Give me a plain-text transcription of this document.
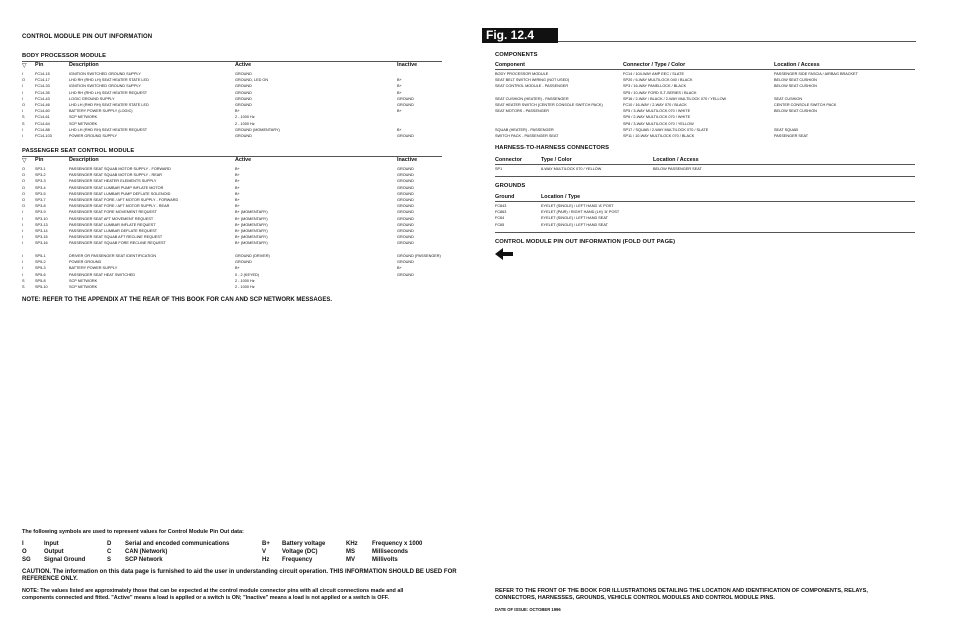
CONTROL MODULE PIN OUT INFORMATION
BODY PROCESSOR MODULE
▽ Pin	Description	Active	Inactive
I	FC14-15	IGNITION SWITCHED GROUND SUPPLY	GROUND
O	FC14-17	LHD RH (RHD LH) SEAT HEATER STATE LED	GROUND, LED ON	B+
I	FC14-33	IGNITION SWITCHED GROUND SUPPLY	GROUND	B+
I	FC14-35	LHD RH (RHD LH) SEAT HEATER REQUEST	GROUND	B+
I	FC14-43	LOGIC GROUND SUPPLY	GROUND	GROUND
O	FC14-46	LHD LH (RHD RH) SEAT HEATER STATE LED	GROUND	GROUND
I	FC14-60	BATTERY POWER SUPPLY (LOGIC)	B+	B+
S	FC14-61	SCP NETWORK	2 - 1000 Hz
S	FC14-64	SCP NETWORK	2 - 1000 Hz
I	FC14-88	LHD LH (RHD RH) SEAT HEATER REQUEST	GROUND (MOMENTARY)	B+
I	FC14-103	POWER GROUND SUPPLY	GROUND	GROUND
PASSENGER SEAT CONTROL MODULE
▽ Pin	Description	Active	Inactive
O	SP3-1	PASSENGER SEAT SQUAB MOTOR SUPPLY - FORWARD	B+	GROUND
O	SP3-2	PASSENGER SEAT SQUAB MOTOR SUPPLY - REAR	B+	GROUND
O	SP3-3	PASSENGER SEAT HEATER ELEMENTS SUPPLY	B+	GROUND
O	SP3-4	PASSENGER SEAT LUMBAR PUMP INFLATE MOTOR	B+	GROUND
O	SP3-5	PASSENGER SEAT LUMBAR PUMP DEFLATE SOLENOID	B+	GROUND
O	SP3-7	PASSENGER SEAT FORE / AFT MOTOR SUPPLY - FORWARD	B+	GROUND
O	SP3-8	PASSENGER SEAT FORE / AFT MOTOR SUPPLY - REAR	B+	GROUND
I	SP3-9	PASSENGER SEAT FORE MOVEMENT REQUEST	B+ (MOMENTARY)	GROUND
I	SP3-10	PASSENGER SEAT AFT MOVEMENT REQUEST	B+ (MOMENTARY)	GROUND
I	SP3-13	PASSENGER SEAT LUMBAR INFLATE REQUEST	B+ (MOMENTARY)	GROUND
I	SP3-14	PASSENGER SEAT LUMBAR DEFLATE REQUEST	B+ (MOMENTARY)	GROUND
I	SP3-15	PASSENGER SEAT SQUAB AFT RECLINE REQUEST	B+ (MOMENTARY)	GROUND
I	SP3-16	PASSENGER SEAT SQUAB FORE RECLINE REQUEST	B+ (MOMENTARY)	GROUND
I	SP5-1	DRIVER OR PASSENGER SEAT IDENTIFICATION	GROUND (DRIVER)	GROUND (PASSENGER)
I	SP5-2	POWER GROUND	GROUND	GROUND
I	SP5-3	BATTERY POWER SUPPLY	B+	B+
I	SP5-6	PASSENGER SEAT HEAT SWITCHED	0 - 2 (KEYED)	GROUND
S	SP5-8	SCP NETWORK	2 - 1000 Hz
S	SP5-10	SCP NETWORK	2 - 1000 Hz
NOTE: REFER TO THE APPENDIX AT THE REAR OF THIS BOOK FOR CAN AND SCP NETWORK MESSAGES.
The following symbols are used to represent values for Control Module Pin Out data:
I	Input	D Serial and encoded communications	B+ Battery voltage	KHz Frequency x 1000
O	Output	C CAN (Network)	V	Voltage (DC)	MS	Milliseconds
SG Signal Ground	S SCP Network	Hz Frequency	MV	Millivolts
CAUTION. The information on this data page is furnished to aid the user in understanding circuit operation. THIS INFORMATION SHOULD BE USED FOR
REFERENCE ONLY.
NOTE: The values listed are approximately those that can be expected at the control module connector pins with all circuit connections made and all
components connected and fitted. "Active" means a load is applied or a switch is ON; "Inactive" means a load is not applied or a switch is OFF.
Fig. 12.4
COMPONENTS
Component	Connector / Type / Color	Location / Access
BODY PROCESSOR MODULE	FC14 / 104-WAY AMP EEC / SLATE	PASSENGER SIDE FASCIA / AIRBAG BRACKET
SEAT BELT SWITCH WIRING (NOT USED)	SP20 / 6-WAY MULTILOCK 040 / BLACK	BELOW SEAT CUSHION
SEAT CONTROL MODULE - PASSENGER	SP3 / 16-WAY PANELLOCK / BLACK	BELOW SEAT CUSHION
SP5 / 10-WAY FORD S-T-SERIES / BLACK
SEAT CUSHION (HEATER) - PASSENGER	SP16 / 2-WAY / BLACK / 2-WAY MULTILOCK 070 / YELLOW	SEAT CUSHION
SEAT HEATER SWITCH (CENTER CONSOLE SWITCH PACK)	FC10 / 16-WAY / 2-WAY 070 / BLACK	CENTER CONSOLE SWITCH PACK
SEAT MOTORS - PASSENGER	SP5 / 3-WAY MULTILOCK 070 / WHITE	BELOW SEAT CUSHION
SP6 / 2-WAY MULTILOCK 070 / WHITE
SP8 / 3-WAY MULTILOCK 070 / YELLOW
SQUAB (HEATER) - PASSENGER	SP17 / SQUAB / 2-WAY MULTILOCK 070 / SLATE	SEAT SQUAB
SWITCH PACK - PASSENGER SEAT	SP11 / 10-WAY MULTILOCK 070 / BLACK	PASSENGER SEAT
HARNESS-TO-HARNESS CONNECTORS
Connector	Type / Color	Location / Access
SP1	8-WAY MULTILOCK 070 / YELLOW	BELOW PASSENGER SEAT
GROUNDS
Ground	Location / Type
FC843	EYELET (SINGLE) / LEFT HAND 'A' POST
FC863	EYELET (PAIR) / RIGHT HAND (LH) 'A' POST
FC64	EYELET (SINGLE) / LEFT HAND SEAT
FC65	EYELET (SINGLE) / LEFT HAND SEAT
CONTROL MODULE PIN OUT INFORMATION (FOLD OUT PAGE)
REFER TO THE FRONT OF THE BOOK FOR ILLUSTRATIONS DETAILING THE LOCATION AND IDENTIFICATION OF COMPONENTS, RELAYS,
CONNECTORS, HARNESSES, GROUNDS, VEHICLE CONTROL MODULES AND CONTROL MODULE PINS.
DATE OF ISSUE: OCTOBER 1996
